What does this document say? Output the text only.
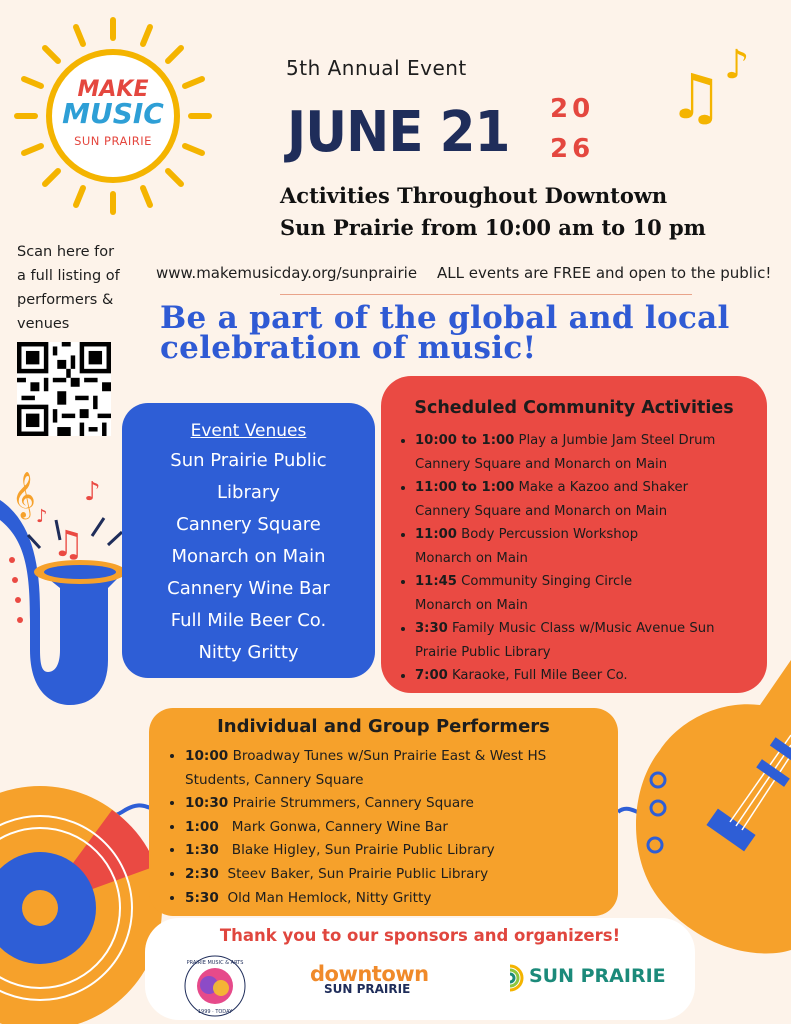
𝄞
♫
♪
♪
♫ ♪
MAKE
MUSIC
SUN PRAIRIE
5th Annual Event
JUNE 21 20
26
Activities Throughout Downtown
Sun Prairie from 10:00 am to 10 pm
Scan here for
a full listing of
performers &
venues
www.makemusicday.org/sunprairie ALL events are FREE and open to the public!
Be a part of the global and local
celebration of music!
Event Venues
Sun Prairie Public
Library
Cannery Square
Monarch on Main
Cannery Wine Bar
Full Mile Beer Co.
Nitty Gritty
Scheduled Community Activities
• 10:00 to 1:00 Play a Jumbie Jam Steel Drum
Cannery Square and Monarch on Main
• 11:00 to 1:00 Make a Kazoo and Shaker
Cannery Square and Monarch on Main
• 11:00 Body Percussion Workshop
Monarch on Main
• 11:45 Community Singing Circle
Monarch on Main
• 3:30 Family Music Class w/Music Avenue Sun
Prairie Public Library
• 7:00 Karaoke, Full Mile Beer Co.
Individual and Group Performers
• 10:00 Broadway Tunes w/Sun Prairie East & West HS
Students, Cannery Square
• 10:30 Prairie Strummers, Cannery Square
• 1:00   Mark Gonwa, Cannery Wine Bar
• 1:30   Blake Higley, Sun Prairie Public Library
• 2:30  Steev Baker, Sun Prairie Public Library
• 5:30  Old Man Hemlock, Nitty Gritty
Thank you to our sponsors and organizers!
PRAIRIE MUSIC & ARTS
1999 · TODAY
downtown
SUN PRAIRIE
SUN PRAIRIE
